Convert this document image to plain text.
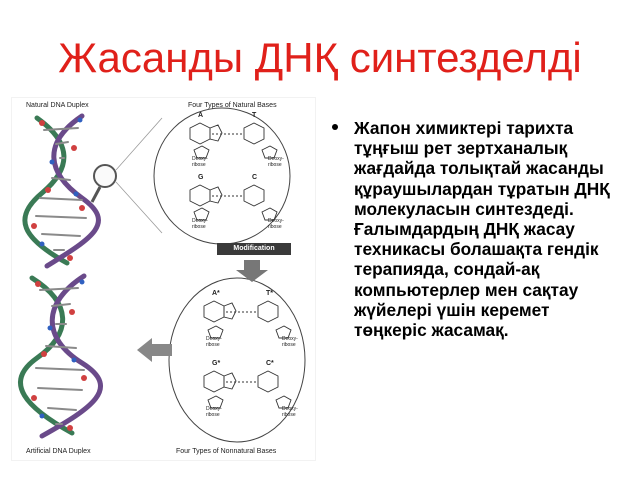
Жасанды ДНҚ синтезделді
Natural DNA Duplex	Four Types of Natural Bases
Artificial DNA Duplex	Four Types of Nonnatural Bases
Modification
A	T
G	C
A*	T*
G*	C*
Deoxy-
ribose
Deoxy-
ribose
Deoxy-
ribose
Deoxy-
ribose
Deoxy-
ribose
Deoxy-
ribose
Deoxy-
ribose
Deoxy-
ribose
Жапон химиктері тарихта тұңғыш рет зертханалық жағдайда толықтай жасанды құраушылардан тұратын ДНҚ молекуласын синтездеді. Ғалымдардың ДНҚ жасау техникасы болашақта гендік терапияда, сондай-ақ компьютерлер мен сақтау жүйелері үшін керемет төңкеріс жасамақ.
